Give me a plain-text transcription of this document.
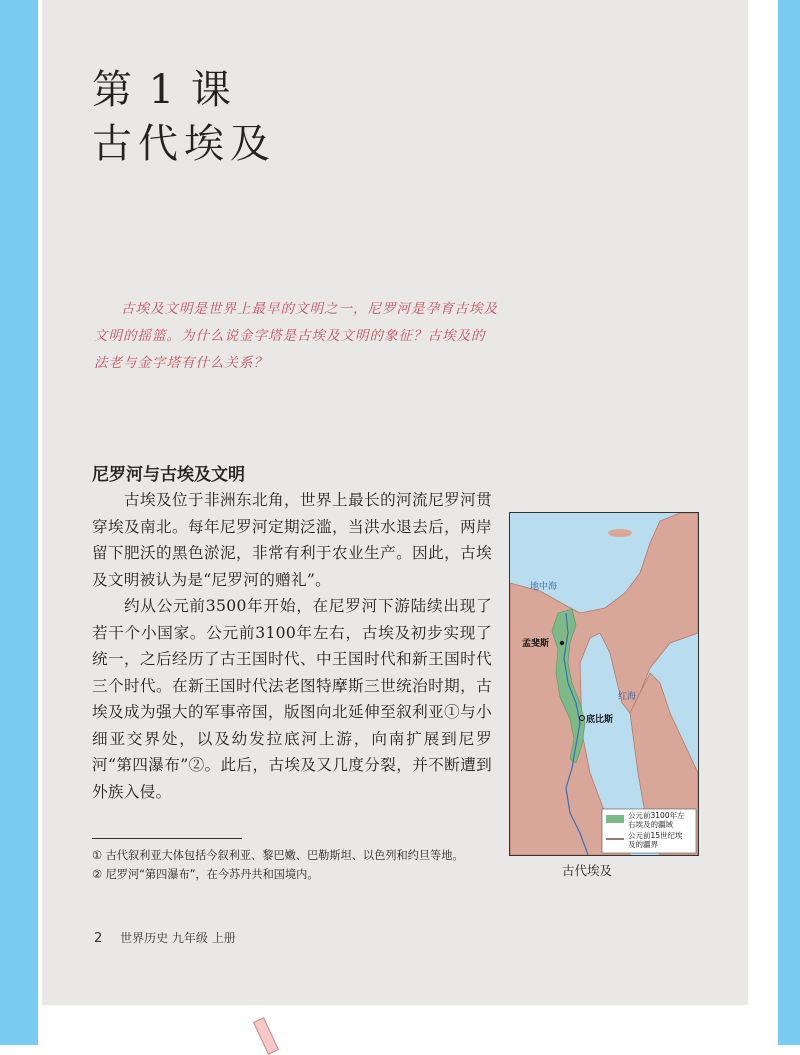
第 1 课
古代埃及
古埃及文明是世界上最早的文明之一，尼罗河是孕育古埃及文明的摇篮。为什么说金字塔是古埃及文明的象征？古埃及的法老与金字塔有什么关系？
尼罗河与古埃及文明

古埃及位于非洲东北角，世界上最长的河流尼罗河贯穿埃及南北。每年尼罗河定期泛滥，当洪水退去后，两岸留下肥沃的黑色淤泥，非常有利于农业生产。因此，古埃及文明被认为是“尼罗河的赠礼”。

约从公元前3500年开始，在尼罗河下游陆续出现了若干个小国家。公元前3100年左右，古埃及初步实现了统一，之后经历了古王国时代、中王国时代和新王国时代三个时代。在新王国时代法老图特摩斯三世统治时期，古埃及成为强大的军事帝国，版图向北延伸至叙利亚①与小细亚交界处，以及幼发拉底河上游，向南扩展到尼罗河“第四瀑布”②。此后，古埃及又几度分裂，并不断遭到外族入侵。

① 古代叙利亚大体包括今叙利亚、黎巴嫩、巴勒斯坦、以色列和约旦等地。

② 尼罗河“第四瀑布”，在今苏丹共和国境内。

2 世界历史 九年级 上册
地中海
红海
孟斐斯
底比斯
公元前3100年左
右埃及的疆域
公元前15世纪埃
及的疆界
古代埃及
